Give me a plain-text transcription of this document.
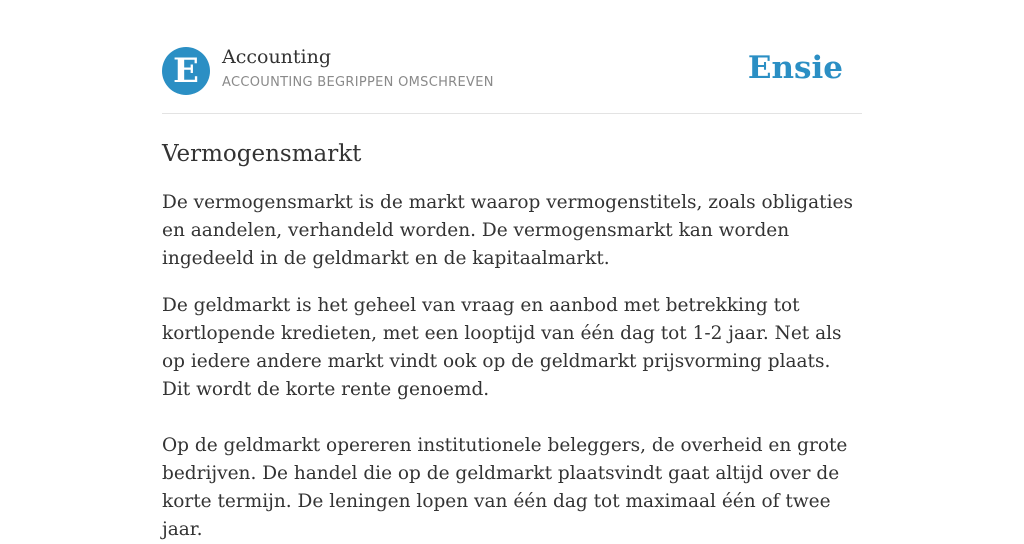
E	Accounting
ACCOUNTING BEGRIPPEN OMSCHREVEN	Ensie
Vermogensmarkt

De vermogensmarkt is de markt waarop vermogenstitels, zoals obligaties en aandelen, verhandeld worden. De vermogensmarkt kan worden ingedeeld in de geldmarkt en de kapitaalmarkt.

De geldmarkt is het geheel van vraag en aanbod met betrekking tot kortlopende kredieten, met een looptijd van één dag tot 1-2 jaar. Net als op iedere andere markt vindt ook op de geldmarkt prijsvorming plaats. Dit wordt de korte rente genoemd.

Op de geldmarkt opereren institutionele beleggers, de overheid en grote bedrijven. De handel die op de geldmarkt plaatsvindt gaat altijd over de korte termijn. De leningen lopen van één dag tot maximaal één of twee jaar.
